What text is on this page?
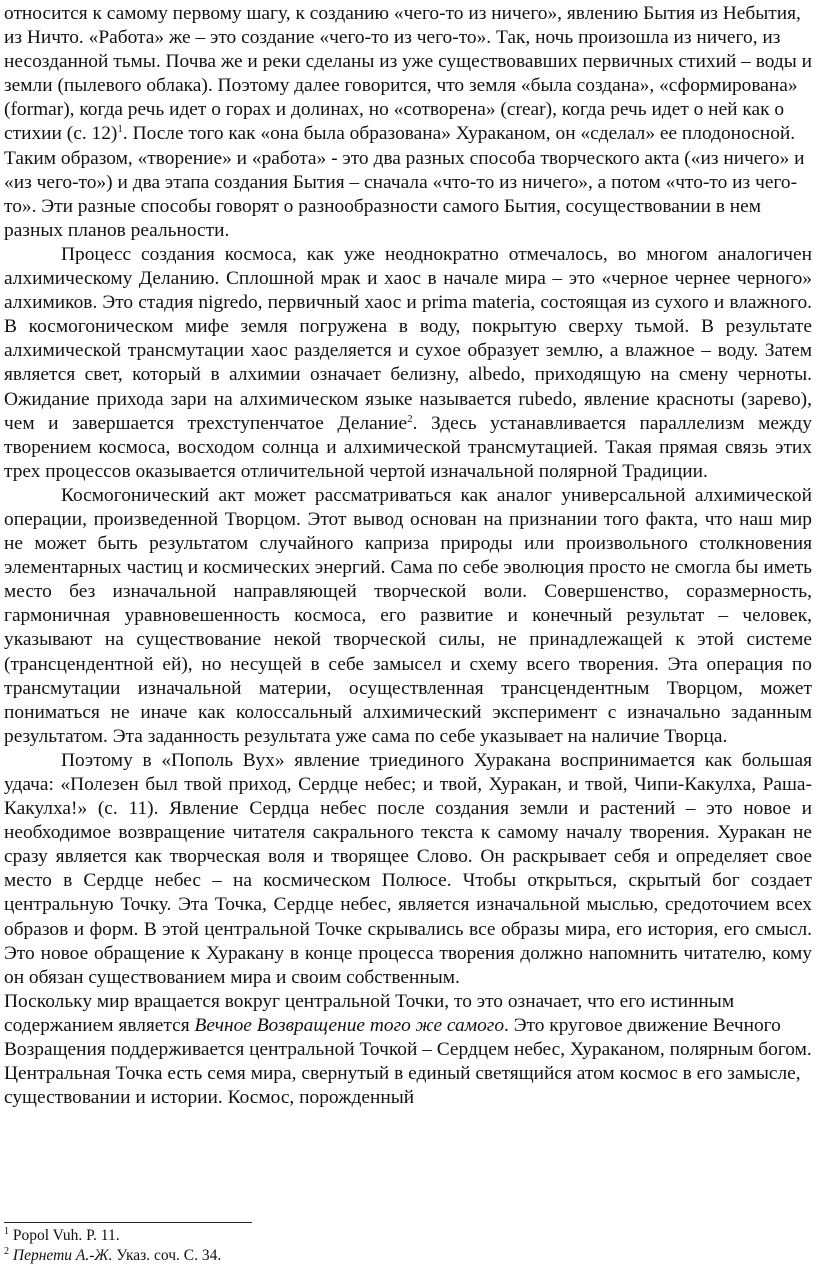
относится к самому первому шагу, к созданию «чего-то из ничего», явлению Бытия из Небытия, из Ничто. «Работа» же – это создание «чего-то из чего-то». Так, ночь произошла из ничего, из несозданной тьмы. Почва же и реки сделаны из уже существовавших первичных стихий – воды и земли (пылевого облака). Поэтому далее говорится, что земля «была создана», «сформирована» (formar), когда речь идет о горах и долинах, но «сотворена» (crear), когда речь идет о ней как о стихии (с. 12)$^1$. После того как «она была образована» Хураканом, он «сделал» ее плодоносной. Таким образом, «творение» и «работа» - это два разных способа творческого акта («из ничего» и «из чего-то») и два этапа создания Бытия – сначала «что-то из ничего», а потом «что-то из чего-то». Эти разные способы говорят о разнообразности самого Бытия, сосуществовании в нем разных планов реальности.

Процесс создания космоса, как уже неоднократно отмечалось, во многом аналогичен алхимическому Деланию. Сплошной мрак и хаос в начале мира – это «черное чернее черного» алхимиков. Это стадия nigredo, первичный хаос и prima materia, состоящая из сухого и влажного. В космогоническом мифе земля погружена в воду, покрытую сверху тьмой. В результате алхимической трансмутации хаос разделяется и сухое образует землю, а влажное – воду. Затем является свет, который в алхимии означает белизну, albedo, приходящую на смену черноты. Ожидание прихода зари на алхимическом языке называется rubedo, явление красноты (зарево), чем и завершается трехступенчатое Делание$^2$. Здесь устанавливается параллелизм между творением космоса, восходом солнца и алхимической трансмутацией. Такая прямая связь этих трех процессов оказывается отличительной чертой изначальной полярной Традиции.

Космогонический акт может рассматриваться как аналог универсальной алхимической операции, произведенной Творцом. Этот вывод основан на признании того факта, что наш мир не может быть результатом случайного каприза природы или произвольного столкновения элементарных частиц и космических энергий. Сама по себе эволюция просто не смогла бы иметь место без изначальной направляющей творческой воли. Совершенство, соразмерность, гармоничная уравновешенность космоса, его развитие и конечный результат – человек, указывают на существование некой творческой силы, не принадлежащей к этой системе (трансцендентной ей), но несущей в себе замысел и схему всего творения. Эта операция по трансмутации изначальной материи, осуществленная трансцендентным Творцом, может пониматься не иначе как колоссальный алхимический эксперимент с изначально заданным результатом. Эта заданность результата уже сама по себе указывает на наличие Творца.

Поэтому в «Пополь Вух» явление триединого Хуракана воспринимается как большая удача: «Полезен был твой приход, Сердце небес; и твой, Хуракан, и твой, Чипи-Какулха, Раша-Какулха!» (с. 11). Явление Сердца небес после создания земли и растений – это новое и необходимое возвращение читателя сакрального текста к самому началу творения. Хуракан не сразу является как творческая воля и творящее Слово. Он раскрывает себя и определяет свое место в Сердце небес – на космическом Полюсе. Чтобы открыться, скрытый бог создает центральную Точку. Эта Точка, Сердце небес, является изначальной мыслью, средоточием всех образов и форм. В этой центральной Точке скрывались все образы мира, его история, его смысл. Это новое обращение к Хуракану в конце процесса творения должно напомнить читателю, кому он обязан существованием мира и своим собственным.

Поскольку мир вращается вокруг центральной Точки, то это означает, что его истинным содержанием является Вечное Возвращение того же самого. Это круговое движение Вечного Возращения поддерживается центральной Точкой – Сердцем небес, Хураканом, полярным богом. Центральная Точка есть семя мира, свернутый в единый светящийся атом космос в его замысле, существовании и истории. Космос, порожденный

$^1$ Popol Vuh. P. 11.

$^2$ Пернети А.-Ж. Указ. соч. С. 34.
